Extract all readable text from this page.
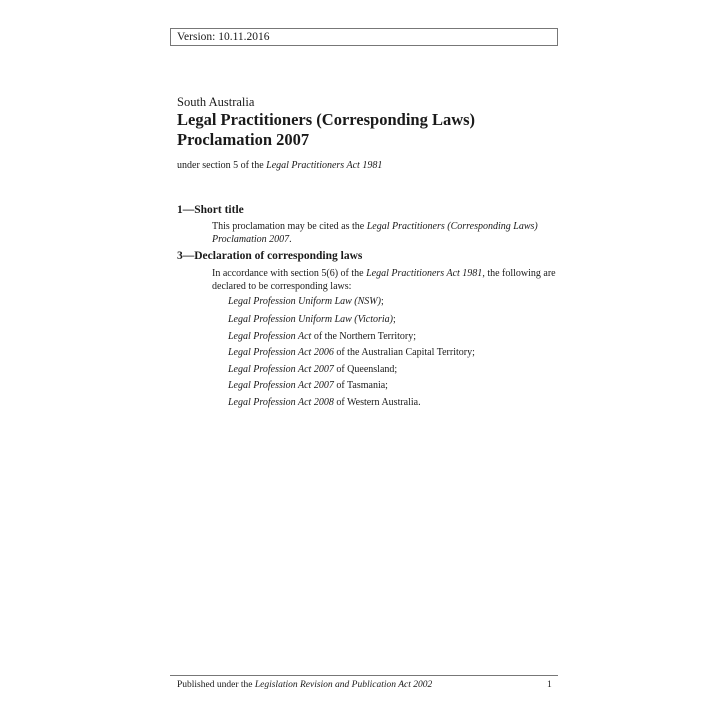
Version: 10.11.2016
South Australia
Legal Practitioners (Corresponding Laws)
Proclamation 2007
under section 5 of the Legal Practitioners Act 1981
1—Short title
This proclamation may be cited as the Legal Practitioners (Corresponding Laws)
Proclamation 2007.
3—Declaration of corresponding laws
In accordance with section 5(6) of the Legal Practitioners Act 1981, the following are
declared to be corresponding laws:
Legal Profession Uniform Law (NSW);
Legal Profession Uniform Law (Victoria);
Legal Profession Act of the Northern Territory;
Legal Profession Act 2006 of the Australian Capital Territory;
Legal Profession Act 2007 of Queensland;
Legal Profession Act 2007 of Tasmania;
Legal Profession Act 2008 of Western Australia.
Published under the Legislation Revision and Publication Act 2002	1
